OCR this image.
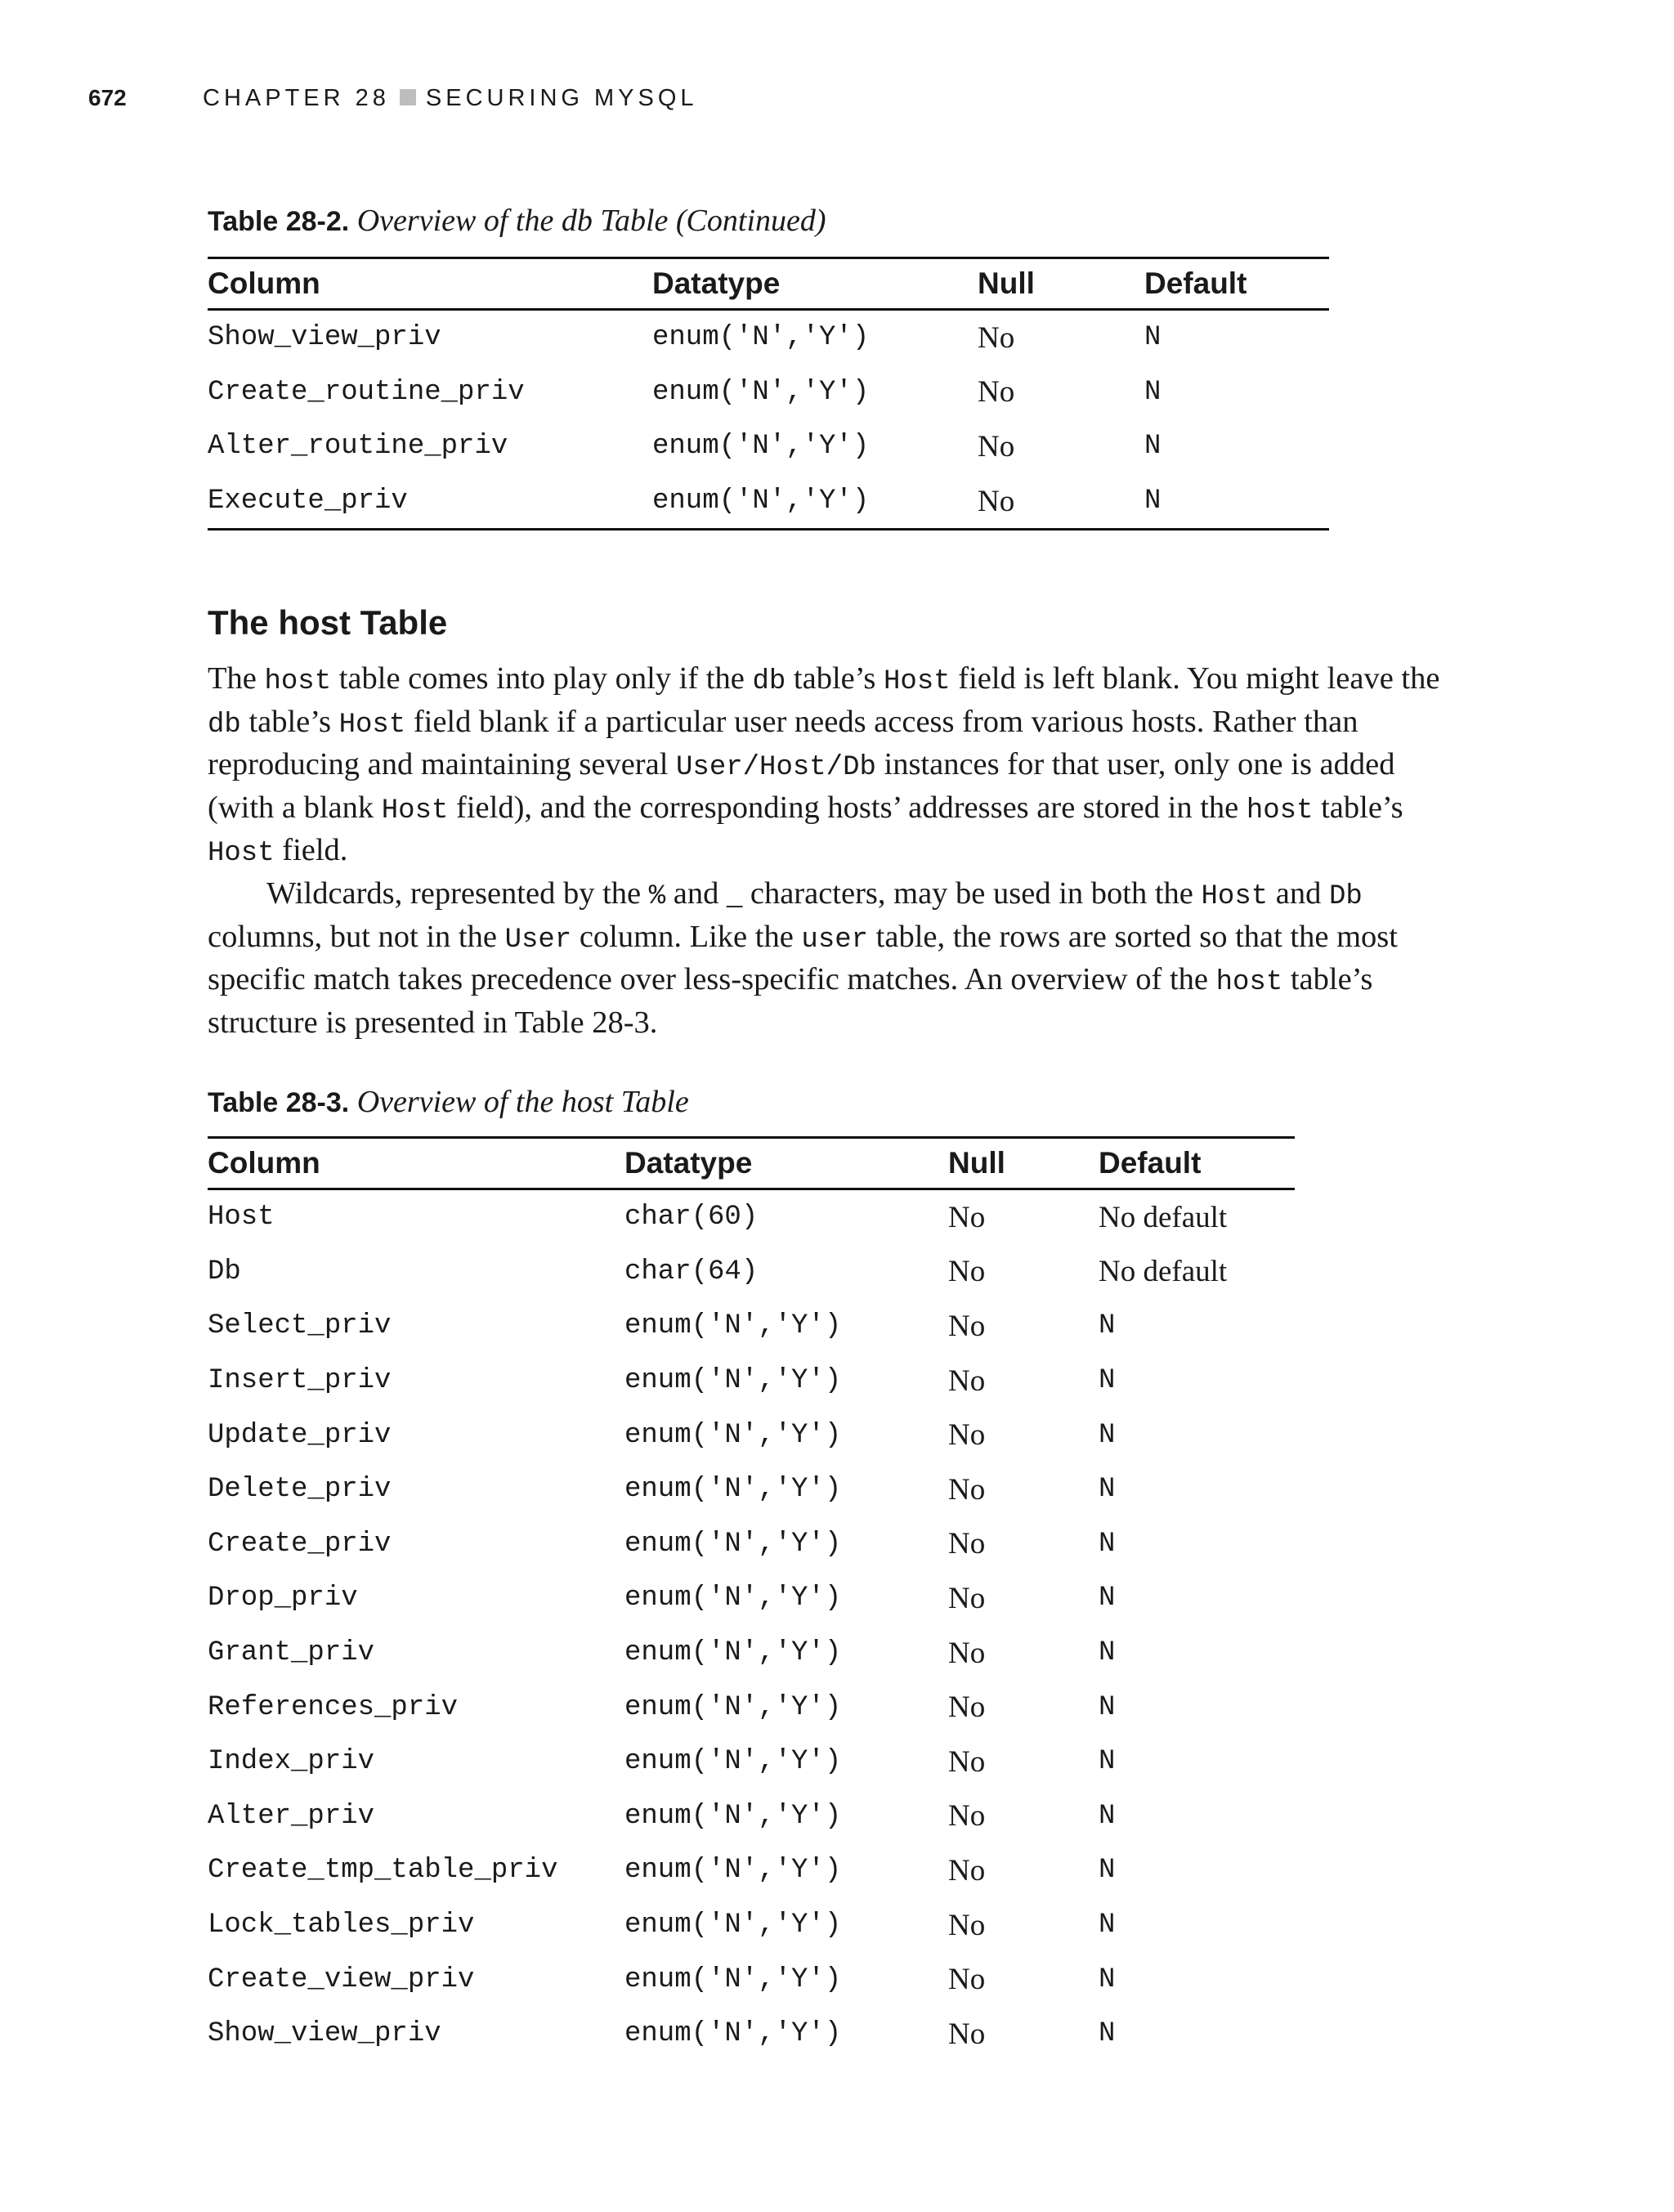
672	CHAPTER 28 SECURING MYSQL
Table 28-2. Overview of the db Table (Continued)
Column	Datatype	Null	Default
Show_view_priv	enum('N','Y')	No	N
Create_routine_priv	enum('N','Y')	No	N
Alter_routine_priv	enum('N','Y')	No	N
Execute_priv	enum('N','Y')	No	N
The host Table

The host table comes into play only if the db table’s Host field is left blank. You might leave the db table’s Host field blank if a particular user needs access from various hosts. Rather than reproducing and maintaining several User/Host/Db instances for that user, only one is added (with a blank Host field), and the corresponding hosts’ addresses are stored in the host table’s Host field.

Wildcards, represented by the % and _ characters, may be used in both the Host and Db columns, but not in the User column. Like the user table, the rows are sorted so that the most specific match takes precedence over less-specific matches. An overview of the host table’s structure is presented in Table 28-3.

Table 28-3. Overview of the host Table
Column	Datatype	Null	Default
Host	char(60)	No	No default
Db	char(64)	No	No default
Select_priv	enum('N','Y')	No	N
Insert_priv	enum('N','Y')	No	N
Update_priv	enum('N','Y')	No	N
Delete_priv	enum('N','Y')	No	N
Create_priv	enum('N','Y')	No	N
Drop_priv	enum('N','Y')	No	N
Grant_priv	enum('N','Y')	No	N
References_priv	enum('N','Y')	No	N
Index_priv	enum('N','Y')	No	N
Alter_priv	enum('N','Y')	No	N
Create_tmp_table_priv	enum('N','Y')	No	N
Lock_tables_priv	enum('N','Y')	No	N
Create_view_priv	enum('N','Y')	No	N
Show_view_priv	enum('N','Y')	No	N
